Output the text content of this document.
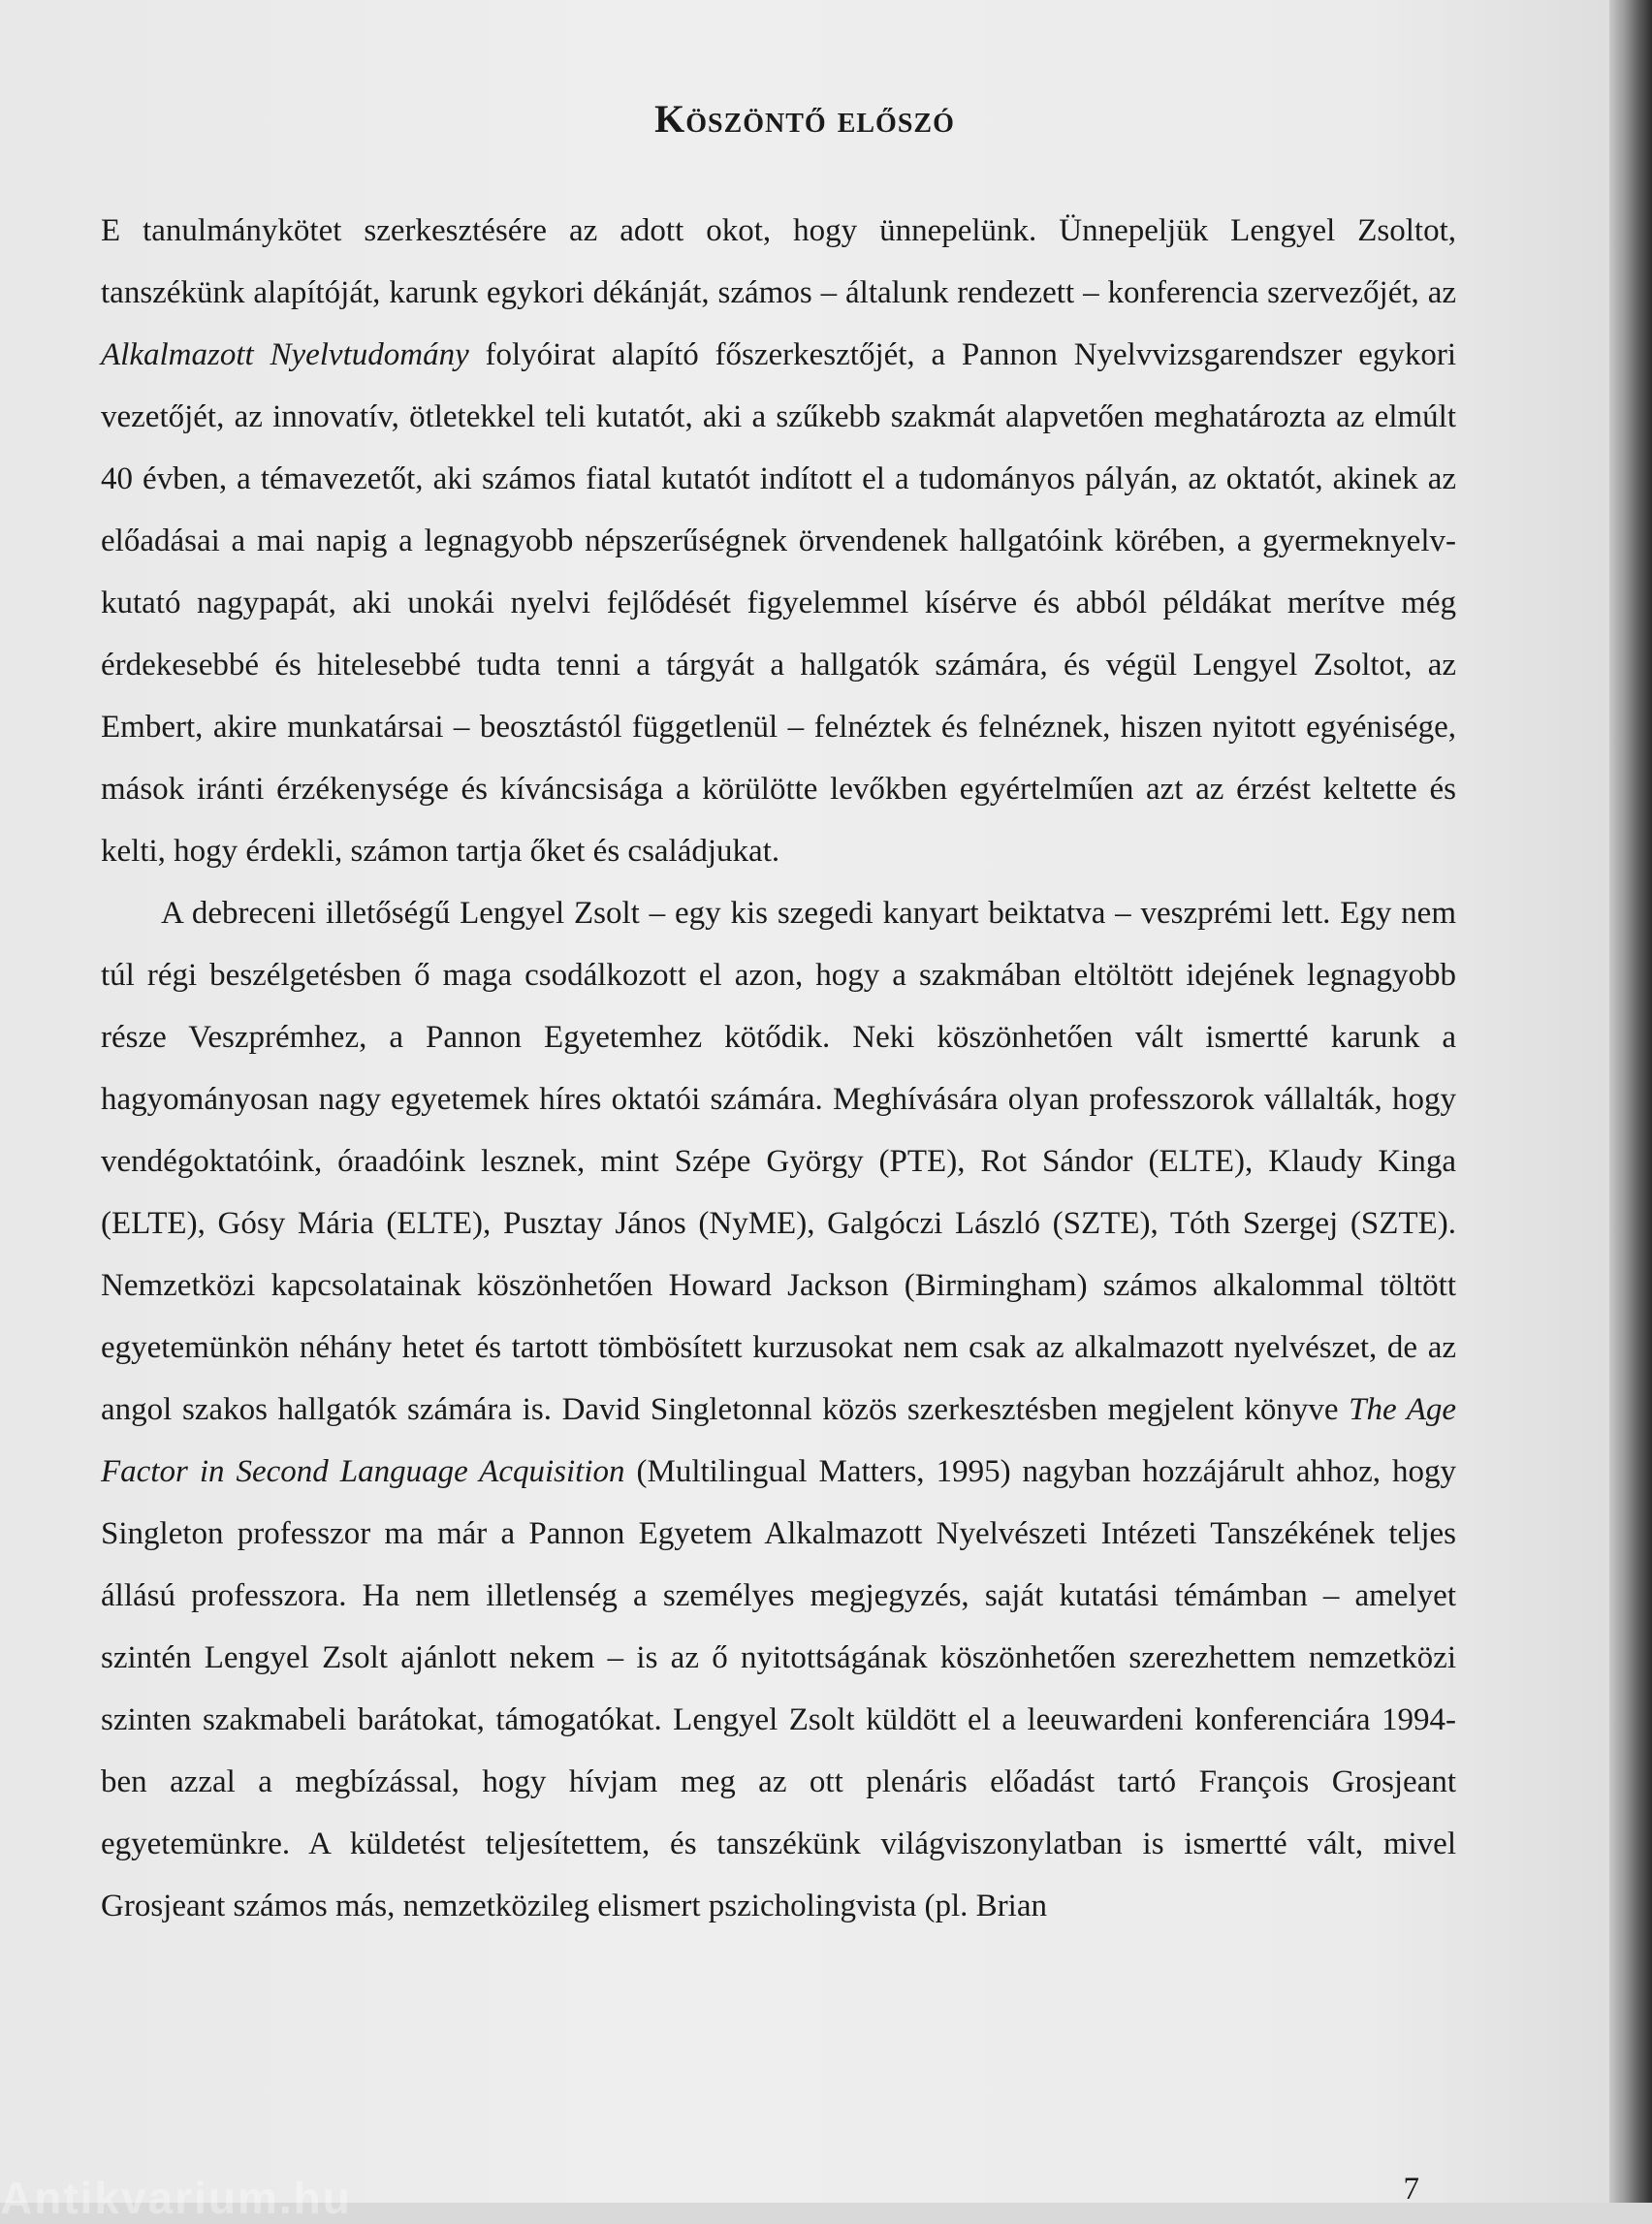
Köszöntő előszó

E tanulmánykötet szerkesztésére az adott okot, hogy ünnepelünk. Ünnepeljük Lengyel Zsoltot, tanszékünk alapítóját, karunk egykori dékánját, számos – általunk rendezett – konferencia szervezőjét, az Alkalmazott Nyelvtudomány folyóirat alapító főszerkesztőjét, a Pannon Nyelvvizsgarendszer egykori vezetőjét, az innovatív, ötletekkel teli kutatót, aki a szűkebb szakmát alapvetően meghatározta az elmúlt 40 évben, a témavezetőt, aki számos fiatal kutatót indított el a tudományos pályán, az oktatót, akinek az előadásai a mai napig a legnagyobb népszerűségnek örvendenek hallgatóink körében, a gyermeknyelv-kutató nagypapát, aki unokái nyelvi fejlődését figyelemmel kísérve és abból példákat merítve még érdekesebbé és hitelesebbé tudta tenni a tárgyát a hallgatók számára, és végül Lengyel Zsoltot, az Embert, akire munkatársai – beosztástól függetlenül – felnéztek és felnéznek, hiszen nyitott egyénisége, mások iránti érzékenysége és kíváncsisága a körülötte levőkben egyértelműen azt az érzést keltette és kelti, hogy érdekli, számon tartja őket és családjukat.

A debreceni illetőségű Lengyel Zsolt – egy kis szegedi kanyart beiktatva – veszprémi lett. Egy nem túl régi beszélgetésben ő maga csodálkozott el azon, hogy a szakmában eltöltött idejének legnagyobb része Veszprémhez, a Pannon Egyetemhez kötődik. Neki köszönhetően vált ismertté karunk a hagyományosan nagy egyetemek híres oktatói számára. Meghívására olyan professzorok vállalták, hogy vendégoktatóink, óraadóink lesznek, mint Szépe György (PTE), Rot Sándor (ELTE), Klaudy Kinga (ELTE), Gósy Mária (ELTE), Pusztay János (NyME), Galgóczi László (SZTE), Tóth Szergej (SZTE). Nemzetközi kapcsolatainak köszönhetően Howard Jackson (Birmingham) számos alkalommal töltött egyetemünkön néhány hetet és tartott tömbösített kurzusokat nem csak az alkalmazott nyelvészet, de az angol szakos hallgatók számára is. David Singletonnal közös szerkesztésben megjelent könyve The Age Factor in Second Language Acquisition (Multilingual Matters, 1995) nagyban hozzájárult ahhoz, hogy Singleton professzor ma már a Pannon Egyetem Alkalmazott Nyelvészeti Intézeti Tanszékének teljes állású professzora. Ha nem illetlenség a személyes megjegyzés, saját kutatási témámban – amelyet szintén Lengyel Zsolt ajánlott nekem – is az ő nyitottságának köszönhetően szerezhettem nemzetközi szinten szakmabeli barátokat, támogatókat. Lengyel Zsolt küldött el a leeuwardeni konferenciára 1994-ben azzal a megbízással, hogy hívjam meg az ott plenáris előadást tartó François Grosjeant egyetemünkre. A küldetést teljesítettem, és tanszékünk világviszonylatban is ismertté vált, mivel Grosjeant számos más, nemzetközileg elismert pszicholingvista (pl. Brian

7
Antikvarium.hu
